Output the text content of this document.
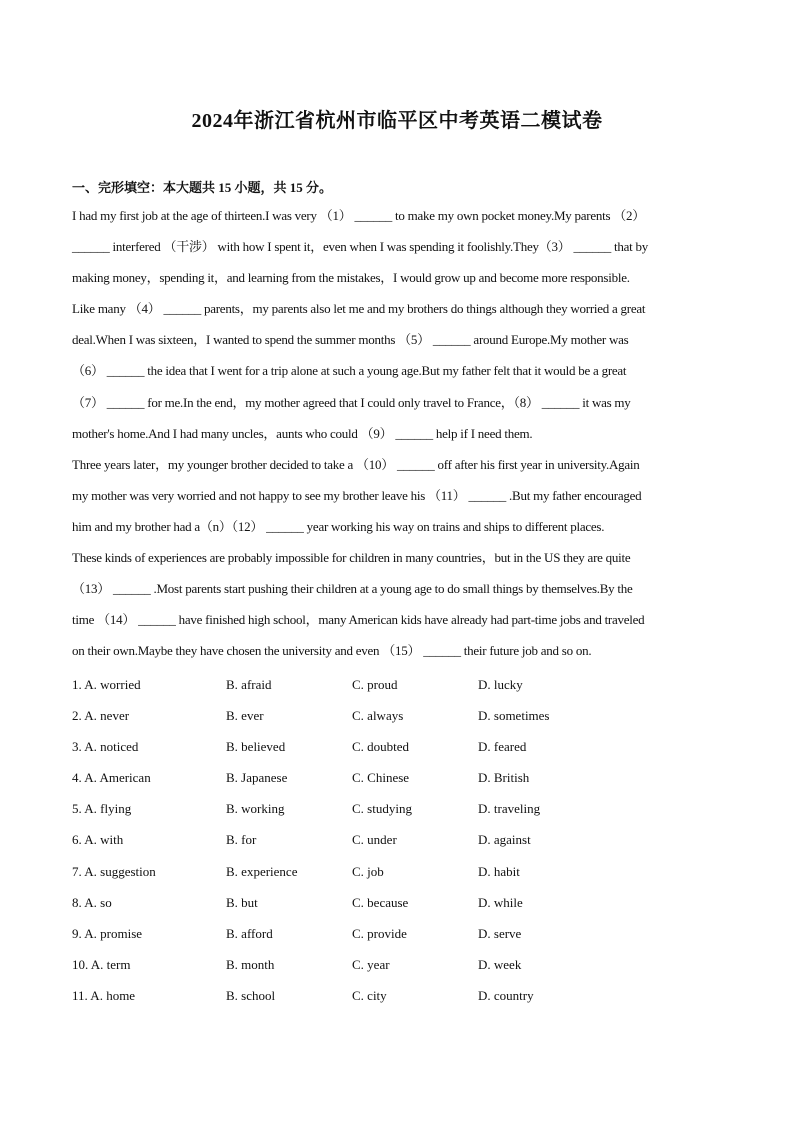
2024年浙江省杭州市临平区中考英语二模试卷
一、完形填空：本大题共 15 小题，共 15 分。
I had my first job at the age of thirteen.I was very （1） ______ to make my own pocket money.My parents （2）
______ interfered （干涉） with how I spent it，even when I was spending it foolishly.They（3） ______ that by
making money，spending it，and learning from the mistakes，I would grow up and become more responsible.
Like many （4） ______ parents，my parents also let me and my brothers do things although they worried a great
deal.When I was sixteen，I wanted to spend the summer months （5） ______ around Europe.My mother was
（6） ______ the idea that I went for a trip alone at such a young age.But my father felt that it would be a great
（7） ______ for me.In the end，my mother agreed that I could only travel to France，（8） ______ it was my
mother's home.And I had many uncles，aunts who could （9） ______ help if I need them.
Three years later，my younger brother decided to take a （10） ______ off after his first year in university.Again
my mother was very worried and not happy to see my brother leave his （11） ______ .But my father encouraged
him and my brother had a（n）（12） ______ year working his way on trains and ships to different places.
These kinds of experiences are probably impossible for children in many countries，but in the US they are quite
（13） ______ .Most parents start pushing their children at a young age to do small things by themselves.By the
time （14） ______ have finished high school，many American kids have already had part-time jobs and traveled
on their own.Maybe they have chosen the university and even （15） ______ their future job and so on.
1. A. worried	B. afraid	C. proud	D. lucky
2. A. never	B. ever	C. always	D. sometimes
3. A. noticed	B. believed	C. doubted	D. feared
4. A. American	B. Japanese	C. Chinese	D. British
5. A. flying	B. working	C. studying	D. traveling
6. A. with	B. for	C. under	D. against
7. A. suggestion	B. experience	C. job	D. habit
8. A. so	B. but	C. because	D. while
9. A. promise	B. afford	C. provide	D. serve
10. A. term	B. month	C. year	D. week
11. A. home	B. school	C. city	D. country
